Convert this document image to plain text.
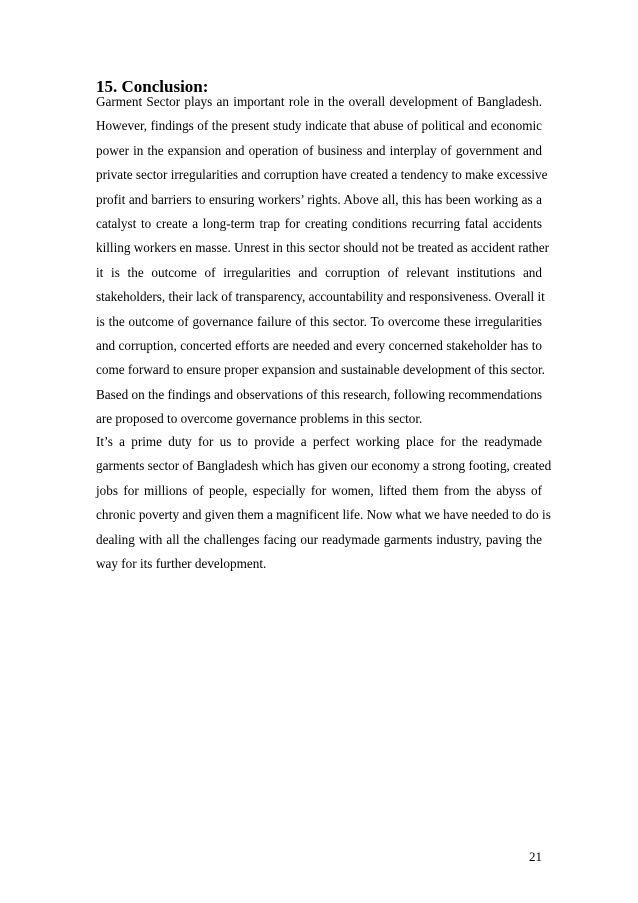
15. Conclusion:

Garment Sector plays an important role in the overall development of Bangladesh.
However, findings of the present study indicate that abuse of political and economic
power in the expansion and operation of business and interplay of government and
private sector irregularities and corruption have created a tendency to make excessive
profit and barriers to ensuring workers’ rights. Above all, this has been working as a
catalyst to create a long-term trap for creating conditions recurring fatal accidents
killing workers en masse. Unrest in this sector should not be treated as accident rather
it is the outcome of irregularities and corruption of relevant institutions and
stakeholders, their lack of transparency, accountability and responsiveness. Overall it
is the outcome of governance failure of this sector. To overcome these irregularities
and corruption, concerted efforts are needed and every concerned stakeholder has to
come forward to ensure proper expansion and sustainable development of this sector.
Based on the findings and observations of this research, following recommendations
are proposed to overcome governance problems in this sector.

It’s a prime duty for us to provide a perfect working place for the readymade
garments sector of Bangladesh which has given our economy a strong footing, created
jobs for millions of people, especially for women, lifted them from the abyss of
chronic poverty and given them a magnificent life. Now what we have needed to do is
dealing with all the challenges facing our readymade garments industry, paving the
way for its further development.

21
